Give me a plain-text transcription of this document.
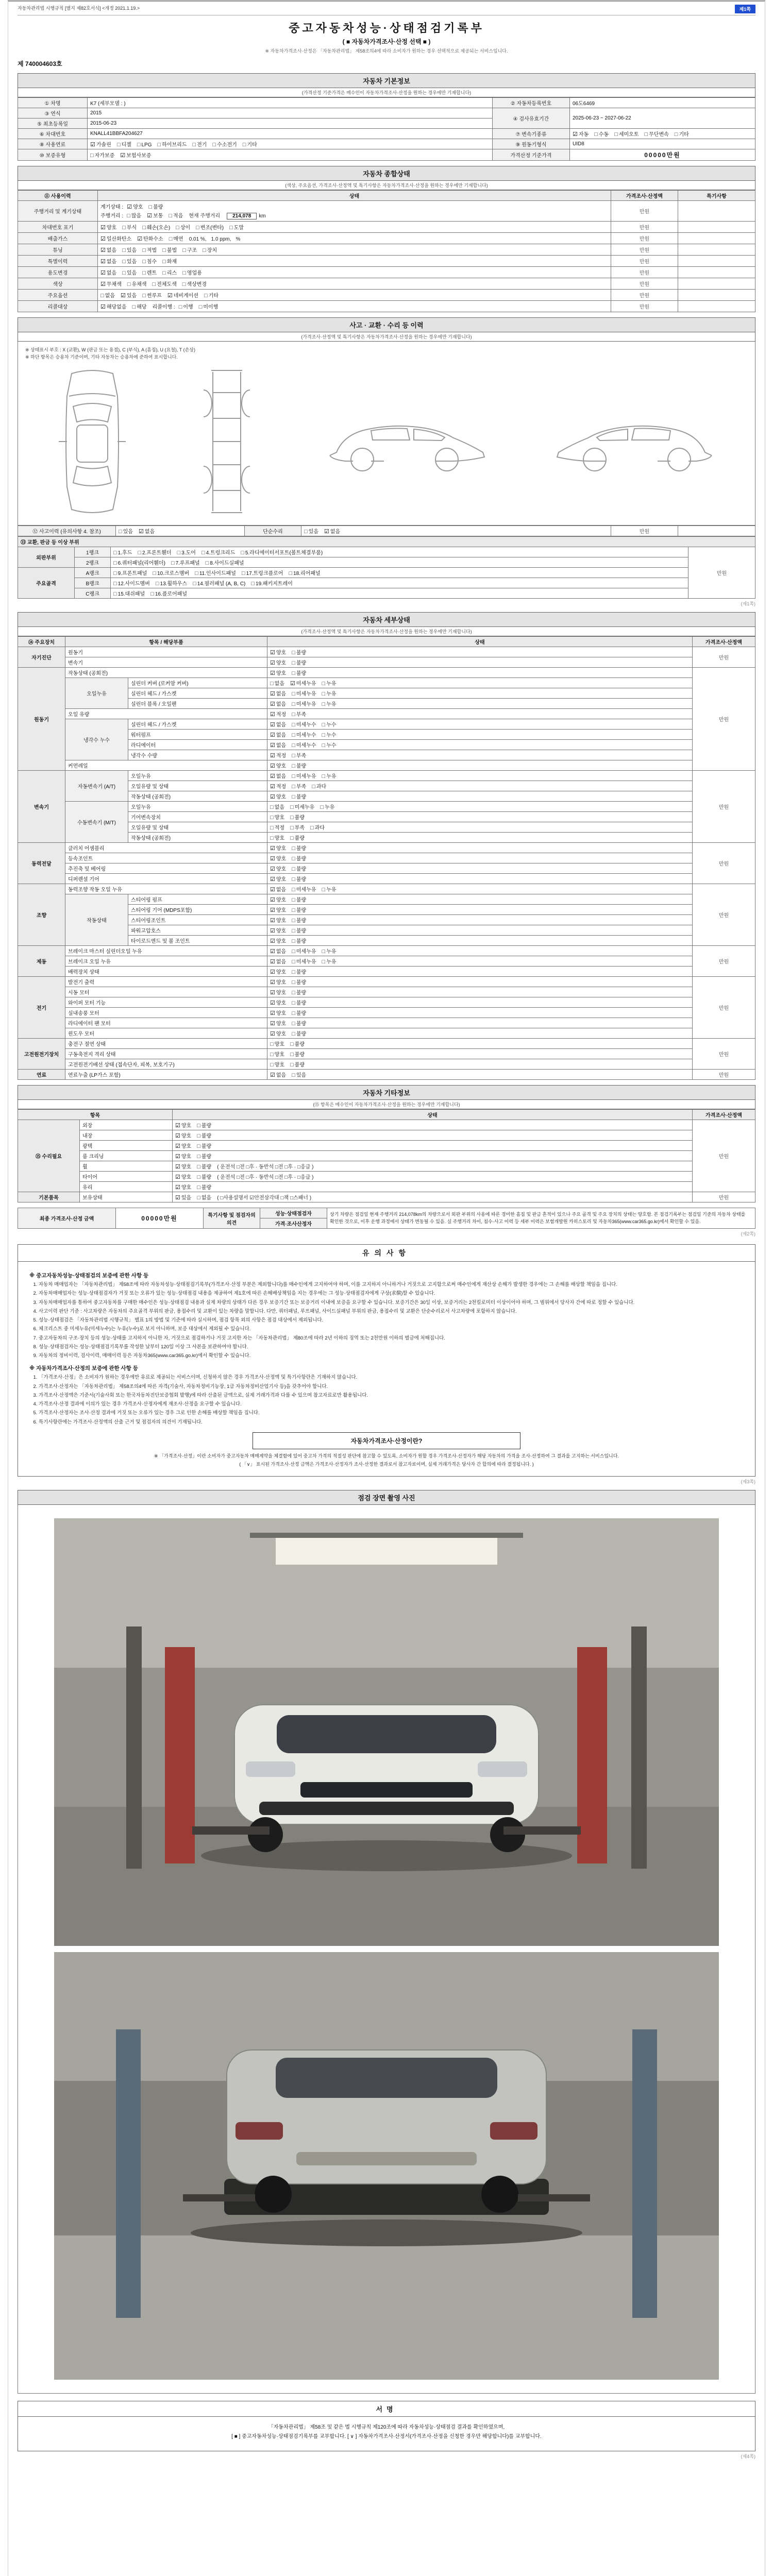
자동차관리법 시행규칙 [별지 제82호서식] <개정 2021.1.19.>	제1쪽
중고자동차성능·상태점검기록부
( ■ 자동차가격조사·산정 선택 ■ )
※ 자동차가격조사·산정은 「자동차관리법」 제58조의4에 따라 소비자가 원하는 경우 선택적으로 제공되는 서비스입니다.
제 740004603호
자동차 기본정보
(가격산정 기준가격은 매수인이 자동차가격조사·산정을 원하는 경우에만 기재합니다)
① 차명	K7 (세부모델 : )	② 자동차등록번호	06도6469
③ 연식	2015	④ 검사유효기간	2025-06-23 ~ 2027-06-22
⑤ 최초등록일	2015-06-23		
⑥ 차대번호	KNALL41BBFA204627	⑦ 변속기종류	☑ 자동 □ 수동 □ 세미오토 □ 무단변속 □ 기타
⑧ 사용연료	☑ 가솔린 □ 디젤 □ LPG □ 하이브리드 □ 전기 □ 수소전기 □ 기타	⑨ 원동기형식	UID8
⑩ 보증유형	□ 자가보증 ☑ 보험사보증	가격산정 기준가격	00000만원
자동차 종합상태
(색상, 주요옵션, 가격조사·산정액 및 특기사항은 자동차가격조사·산정을 원하는 경우에만 기재합니다)
⑪ 사용이력	상태	가격조사·산정액	특기사항
주행거리 및 계기상태	계기상태 : ☑ 양호 □ 불량
주행거리 : □ 많음 ☑ 보통 □ 적음 현재 주행거리 214,078 km	만원	
차대번호 표기	☑ 양호 □ 부식 □ 훼손(오손) □ 상이 □ 변조(변타) □ 도말	만원	
배출가스	☑ 일산화탄소 ☑ 탄화수소 □ 매연 0.01 %, 1.0 ppm, %	만원	
튜닝	☑ 없음 □ 있음 □ 적법 □ 불법 □ 구조 □ 장치	만원	
특별이력	☑ 없음 □ 있음 □ 침수 □ 화재	만원	
용도변경	☑ 없음 □ 있음 □ 렌트 □ 리스 □ 영업용	만원	
색상	☑ 무채색 □ 유채색 □ 전체도색 □ 색상변경	만원	
주요옵션	□ 없음 ☑ 있음 □ 썬루프 ☑ 네비게이션 □ 기타	만원	
리콜대상	☑ 해당없음 □ 해당 리콜이행 : □ 이행 □ 미이행	만원	
사고 · 교환 · 수리 등 이력
(가격조사·산정액 및 특기사항은 자동차가격조사·산정을 원하는 경우에만 기재합니다)
※ 상태표시 부호 : X (교환), W (판금 또는 용접), C (부식), A (흠집), U (요철), T (손상)
※ 하단 항목은 승용차 기준이며, 기타 자동차는 승용차에 준하여 표시합니다.
⑫ 사고이력 (유의사항 4. 참조)	□ 있음 ☑ 없음	단순수리	□ 있음 ☑ 없음	만원	
⑬ 교환, 판금 등 이상 부위			
외판부위	1랭크	□ 1.후드 □ 2.프론트휀더 □ 3.도어 □ 4.트렁크리드 □ 5.라디에이터서포트(볼트체결부품)	만원
	2랭크	□ 6.쿼터패널(리어휀더) □ 7.루프패널 □ 8.사이드실패널	
주요골격	A랭크	□ 9.프론트패널 □ 10.크로스멤버 □ 11.인사이드패널 □ 17.트렁크플로어 □ 18.리어패널	
	B랭크	□ 12.사이드멤버 □ 13.휠하우스 □ 14.필러패널 (A, B, C) □ 19.패키지트레이	
	C랭크	□ 15.대쉬패널 □ 16.플로어패널	
(제1쪽)
자동차 세부상태
(가격조사·산정액 및 특기사항은 자동차가격조사·산정을 원하는 경우에만 기재합니다)
⑭ 주요장치	항목 / 해당부품		상태	가격조사·산정액
자기진단	원동기		☑ 양호 □ 불량	만원
	변속기		☑ 양호 □ 불량	
원동기	작동상태 (공회전)		☑ 양호 □ 불량	만원
	오일누유	실린더 커버 (로커암 커버)	□ 없음 ☑ 미세누유 □ 누유	
		실린더 헤드 / 가스켓	☑ 없음 □ 미세누유 □ 누유	
		실린더 블록 / 오일팬	☑ 없음 □ 미세누유 □ 누유	
	오일 유량		☑ 적정 □ 부족	
	냉각수 누수	실린더 헤드 / 가스켓	☑ 없음 □ 미세누수 □ 누수	
		워터펌프	☑ 없음 □ 미세누수 □ 누수	
		라디에이터	☑ 없음 □ 미세누수 □ 누수	
		냉각수 수량	☑ 적정 □ 부족	
	커먼레일		☑ 양호 □ 불량	
변속기	자동변속기 (A/T)	오일누유	☑ 없음 □ 미세누유 □ 누유	만원
		오일유량 및 상태	☑ 적정 □ 부족 □ 과다	
		작동상태 (공회전)	☑ 양호 □ 불량	
	수동변속기 (M/T)	오일누유	□ 없음 □ 미세누유 □ 누유	
		기어변속장치	□ 양호 □ 불량	
		오일유량 및 상태	□ 적정 □ 부족 □ 과다	
		작동상태 (공회전)	□ 양호 □ 불량	
동력전달	클러치 어셈블리		☑ 양호 □ 불량	만원
	등속조인트		☑ 양호 □ 불량	
	추진축 및 베어링		☑ 양호 □ 불량	
	디퍼렌셜 기어		☑ 양호 □ 불량	
조향	동력조향 작동 오일 누유		☑ 없음 □ 미세누유 □ 누유	만원
	작동상태	스티어링 펌프	☑ 양호 □ 불량	
		스티어링 기어 (MDPS포함)	☑ 양호 □ 불량	
		스티어링조인트	☑ 양호 □ 불량	
		파워고압호스	☑ 양호 □ 불량	
		타이로드엔드 및 볼 조인트	☑ 양호 □ 불량	
제동	브레이크 마스터 실린더오일 누유		☑ 없음 □ 미세누유 □ 누유	만원
	브레이크 오일 누유		☑ 없음 □ 미세누유 □ 누유	
	배력장치 상태		☑ 양호 □ 불량	
전기	발전기 출력		☑ 양호 □ 불량	만원
	시동 모터		☑ 양호 □ 불량	
	와이퍼 모터 기능		☑ 양호 □ 불량	
	실내송풍 모터		☑ 양호 □ 불량	
	라디에이터 팬 모터		☑ 양호 □ 불량	
	윈도우 모터		☑ 양호 □ 불량	
고전원전기장치	충전구 절연 상태		□ 양호 □ 불량	만원
	구동축전지 격리 상태		□ 양호 □ 불량	
	고전원전기배선 상태 (접속단자, 피복, 보호기구)		□ 양호 □ 불량	
연료	연료누출 (LP가스 포함)		☑ 없음 □ 있음	만원
자동차 기타정보
(⑮ 항목은 매수인이 자동차가격조사·산정을 원하는 경우에만 기재합니다)
항목		상태	가격조사·산정액
⑮ 수리필요	외장	☑ 양호 □ 불량	만원
	내장	☑ 양호 □ 불량	
	광택	☑ 양호 □ 불량	
	룸 크리닝	☑ 양호 □ 불량	
	휠	☑ 양호 □ 불량 ( 운전석 □전 □후 · 동반석 □전 □후 · □응급 )	
	타이어	☑ 양호 □ 불량 ( 운전석 □전 □후 · 동반석 □전 □후 · □응급 )	
	유리	☑ 양호 □ 불량	
기본품목	보유상태	☑ 있음 □ 없음 ( □사용설명서 ☑안전삼각대 □잭 □스패너 )	만원
최종 가격조사·산정 금액	00000만원	특기사항 및 점검자의 의견	성능·상태점검자	상기 차량은 점검일 현재 주행거리 214,078km의 차량으로서 외판 부위의 사용에 따른 경미한 흠집 및 판금 흔적이 있으나 주요 골격 및 주요 장치의 상태는 양호함. 본 점검기록부는 점검일 기준의 자동차 상태를 확인한 것으로, 이후 운행 과정에서 상태가 변동될 수 있음. 실 주행거리 차이, 침수·사고 이력 등 세부 이력은 보험개발원 카히스토리 및 자동차365(www.car365.go.kr)에서 확인할 수 있음.
가격·조사산정자
(제2쪽)
유의사항
※ 중고자동차성능·상태점검의 보증에 관한 사항 등
1. 자동차 매매업자는 「자동차관리법」 제58조에 따라 자동차성능·상태점검기록부(가격조사·산정 부분은 제외합니다)를 매수인에게 고지하여야 하며, 이를 고지하지 아니하거나 거짓으로 고지함으로써 매수인에게 재산상 손해가 발생한 경우에는 그 손해를 배상할 책임을 집니다.
2. 자동차매매업자는 성능·상태점검자가 거짓 또는 오류가 있는 성능·상태점검 내용을 제공하여 제1호에 따른 손해배상책임을 지는 경우에는 그 성능·상태점검자에게 구상(求償)할 수 있습니다.
3. 자동차매매업자를 통하여 중고자동차를 구매한 매수인은 성능·상태점검 내용과 실제 차량의 상태가 다른 경우 보증기간 또는 보증거리 이내에 보증을 요구할 수 있습니다. 보증기간은 30일 이상, 보증거리는 2천킬로미터 이상이어야 하며, 그 범위에서 당사자 간에 따로 정할 수 있습니다.
4. 사고이력 판단 기준 : 사고차량은 자동차의 주요골격 부위의 판금, 용접수리 및 교환이 있는 차량을 말합니다. 다만, 쿼터패널, 루프패널, 사이드실패널 부위의 판금, 용접수리 및 교환은 단순수리로서 사고차량에 포함하지 않습니다.
5. 성능·상태점검은 「자동차관리법 시행규칙」 별표 1의 방법 및 기준에 따라 실시하며, 점검 항목 외의 사항은 점검 대상에서 제외됩니다.
6. 체크리스트 중 미세누유(미세누수)는 누유(누수)로 보지 아니하며, 보증 대상에서 제외될 수 있습니다.
7. 중고자동차의 구조·장치 등의 성능·상태를 고지하지 아니한 자, 거짓으로 점검하거나 거짓 고지한 자는 「자동차관리법」 제80조에 따라 2년 이하의 징역 또는 2천만원 이하의 벌금에 처해집니다.
8. 성능·상태점검자는 성능·상태점검기록부를 작성한 날부터 120일 이상 그 사본을 보관하여야 합니다.
9. 자동차의 정비이력, 검사이력, 매매이력 등은 자동차365(www.car365.go.kr)에서 확인할 수 있습니다.
※ 자동차가격조사·산정의 보증에 관한 사항 등
1. 「가격조사·산정」은 소비자가 원하는 경우에만 유료로 제공되는 서비스이며, 신청하지 않은 경우 가격조사·산정액 및 특기사항란은 기재하지 않습니다.
2. 가격조사·산정자는 「자동차관리법」 제58조의4에 따른 자격(기술사, 자동차정비기능장, 1급 자동차정비산업기사 등)을 갖추어야 합니다.
3. 가격조사·산정액은 기준서(기술사회 또는 한국자동차진단보증협회 발행)에 따라 산출된 금액으로, 실제 거래가격과 다를 수 있으며 참고자료로만 활용됩니다.
4. 가격조사·산정 결과에 이의가 있는 경우 가격조사·산정자에게 재조사·산정을 요구할 수 있습니다.
5. 가격조사·산정자는 조사·산정 결과에 거짓 또는 오류가 있는 경우 그로 인한 손해를 배상할 책임을 집니다.
6. 특기사항란에는 가격조사·산정액의 산출 근거 및 점검자의 의견이 기재됩니다.
자동차가격조사·산정이란?
※ 「가격조사·산정」이란 소비자가 중고자동차 매매계약을 체결함에 있어 중고차 가격의 적절성 판단에 참고할 수 있도록, 소비자가 원할 경우 가격조사·산정자가 해당 자동차의 가격을 조사·산정하여 그 결과를 고지하는 서비스입니다.
( 「∨」 표시된 가격조사·산정 금액은 가격조사·산정자가 조사·산정한 결과로서 참고자료이며, 실제 거래가격은 당사자 간 합의에 따라 결정됩니다. )
(제3쪽)
점검 장면 촬영 사진
서명
「자동차관리법」 제58조 및 같은 법 시행규칙 제120조에 따라 자동차성능·상태점검 결과를 확인하였으며,
[ ■ ] 중고자동차성능·상태점검기록부를 교부합니다. [ ∨ ] 자동차가격조사·산정서(가격조사·산정을 신청한 경우만 해당합니다)를 교부합니다.
(제4쪽)
